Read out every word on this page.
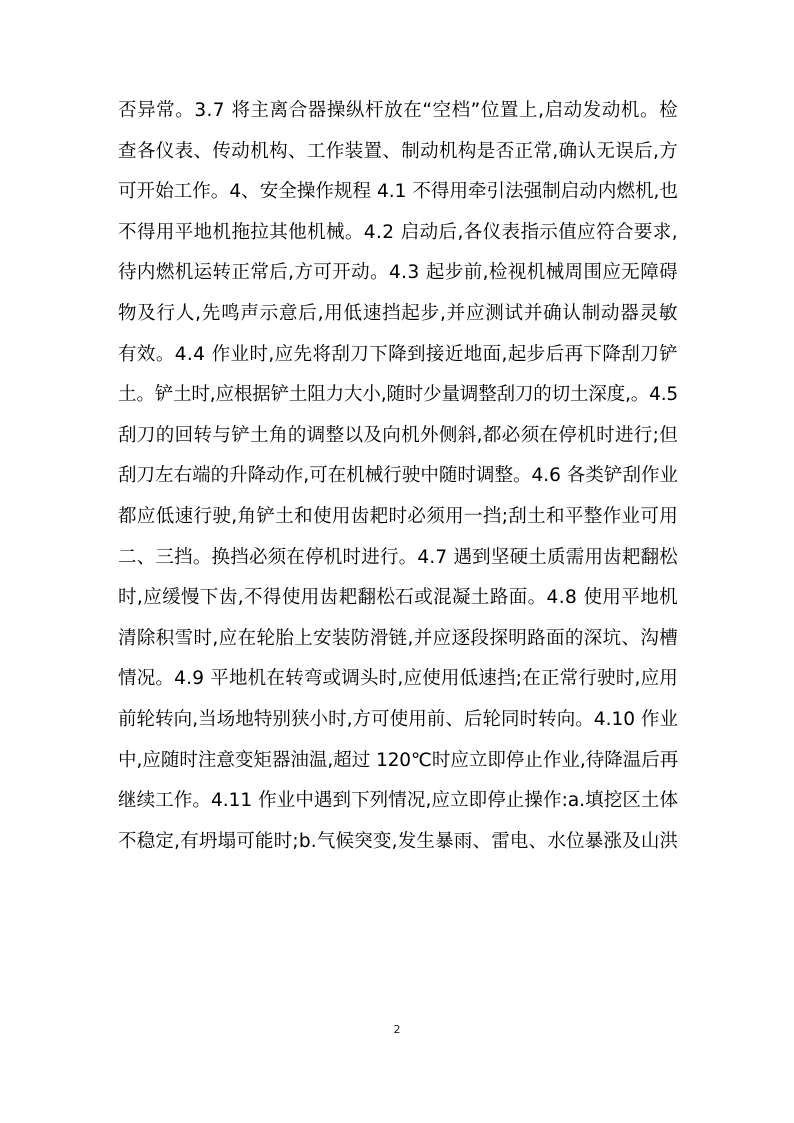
否异常。3.7 将主离合器操纵杆放在“空档”位置上,启动发动机。检
查各仪表、传动机构、工作装置、制动机构是否正常,确认无误后,方
可开始工作。4、安全操作规程 4.1 不得用牵引法强制启动内燃机,也
不得用平地机拖拉其他机械。4.2 启动后,各仪表指示值应符合要求,
待内燃机运转正常后,方可开动。4.3 起步前,检视机械周围应无障碍
物及行人,先鸣声示意后,用低速挡起步,并应测试并确认制动器灵敏
有效。4.4 作业时,应先将刮刀下降到接近地面,起步后再下降刮刀铲
土。铲土时,应根据铲土阻力大小,随时少量调整刮刀的切土深度,。4.5
刮刀的回转与铲土角的调整以及向机外侧斜,都必须在停机时进行;但
刮刀左右端的升降动作,可在机械行驶中随时调整。4.6 各类铲刮作业
都应低速行驶,角铲土和使用齿耙时必须用一挡;刮土和平整作业可用
二、三挡。换挡必须在停机时进行。4.7 遇到坚硬土质需用齿耙翻松
时,应缓慢下齿,不得使用齿耙翻松石或混凝土路面。4.8 使用平地机
清除积雪时,应在轮胎上安装防滑链,并应逐段探明路面的深坑、沟槽
情况。4.9 平地机在转弯或调头时,应使用低速挡;在正常行驶时,应用
前轮转向,当场地特别狭小时,方可使用前、后轮同时转向。4.10 作业
中,应随时注意变矩器油温,超过 120℃时应立即停止作业,待降温后再
继续工作。4.11 作业中遇到下列情况,应立即停止操作:a.填挖区土体
不稳定,有坍塌可能时;b.气候突变,发生暴雨、雷电、水位暴涨及山洪
2
